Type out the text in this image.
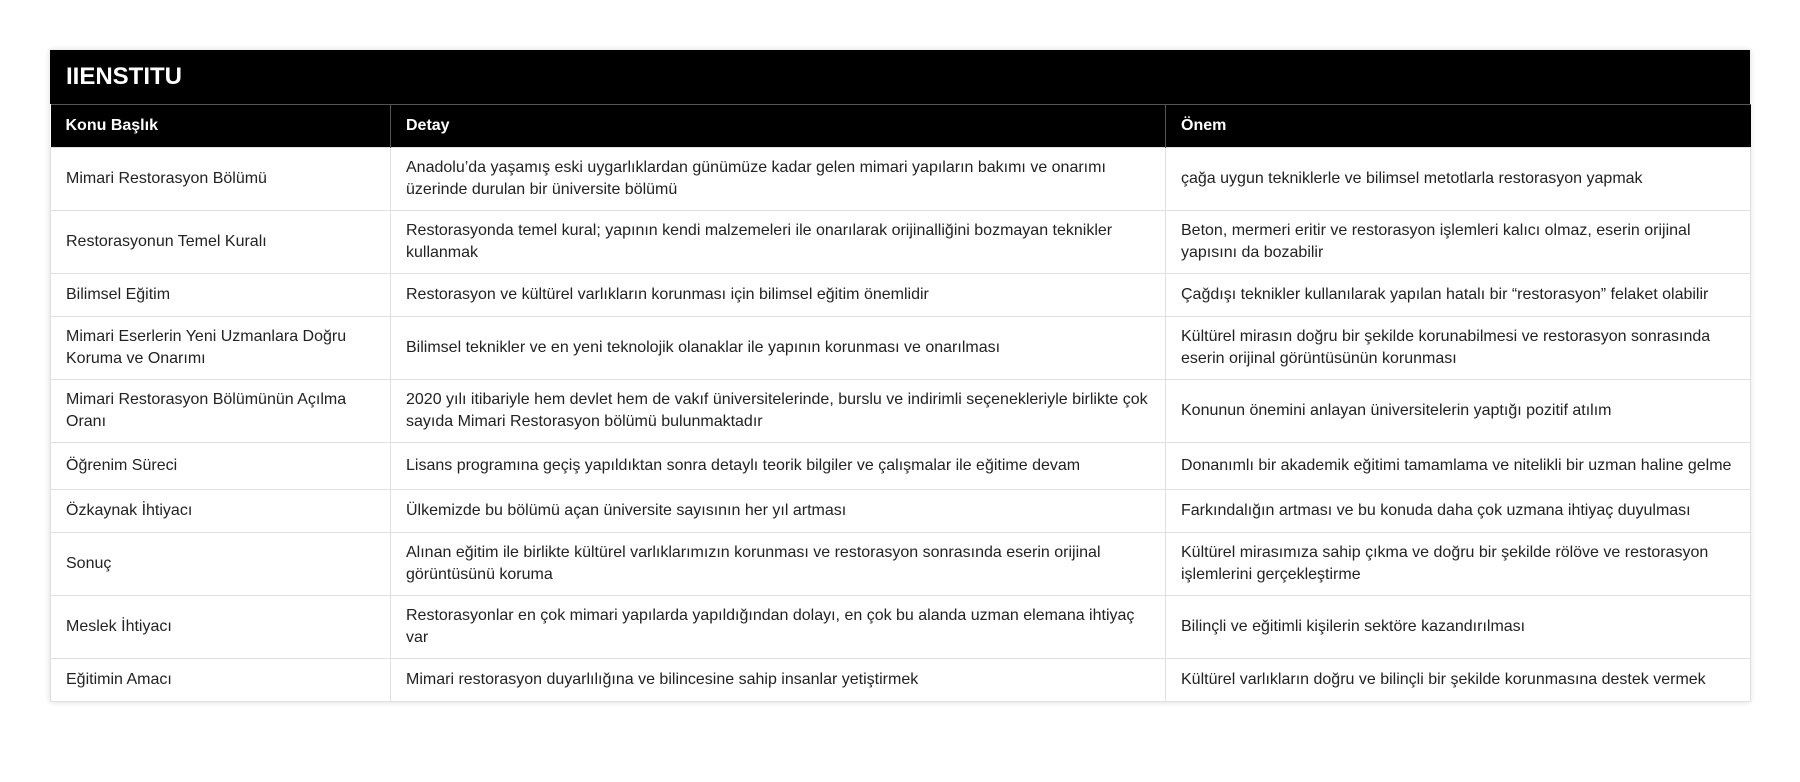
IIENSTITU
Konu Başlık	Detay	Önem
Mimari Restorasyon Bölümü	Anadolu’da yaşamış eski uygarlıklardan günümüze kadar gelen mimari yapıların bakımı ve onarımı üzerinde durulan bir üniversite bölümü	çağa uygun tekniklerle ve bilimsel metotlarla restorasyon yapmak
Restorasyonun Temel Kuralı	Restorasyonda temel kural; yapının kendi malzemeleri ile onarılarak orijinalliğini bozmayan teknikler kullanmak	Beton, mermeri eritir ve restorasyon işlemleri kalıcı olmaz, eserin orijinal yapısını da bozabilir
Bilimsel Eğitim	Restorasyon ve kültürel varlıkların korunması için bilimsel eğitim önemlidir	Çağdışı teknikler kullanılarak yapılan hatalı bir “restorasyon” felaket olabilir
Mimari Eserlerin Yeni Uzmanlara Doğru Koruma ve Onarımı	Bilimsel teknikler ve en yeni teknolojik olanaklar ile yapının korunması ve onarılması	Kültürel mirasın doğru bir şekilde korunabilmesi ve restorasyon sonrasında eserin orijinal görüntüsünün korunması
Mimari Restorasyon Bölümünün Açılma Oranı	2020 yılı itibariyle hem devlet hem de vakıf üniversitelerinde, burslu ve indirimli seçenekleriyle birlikte çok sayıda Mimari Restorasyon bölümü bulunmaktadır	Konunun önemini anlayan üniversitelerin yaptığı pozitif atılım
Öğrenim Süreci	Lisans programına geçiş yapıldıktan sonra detaylı teorik bilgiler ve çalışmalar ile eğitime devam	Donanımlı bir akademik eğitimi tamamlama ve nitelikli bir uzman haline gelme
Özkaynak İhtiyacı	Ülkemizde bu bölümü açan üniversite sayısının her yıl artması	Farkındalığın artması ve bu konuda daha çok uzmana ihtiyaç duyulması
Sonuç	Alınan eğitim ile birlikte kültürel varlıklarımızın korunması ve restorasyon sonrasında eserin orijinal görüntüsünü koruma	Kültürel mirasımıza sahip çıkma ve doğru bir şekilde rölöve ve restorasyon işlemlerini gerçekleştirme
Meslek İhtiyacı	Restorasyonlar en çok mimari yapılarda yapıldığından dolayı, en çok bu alanda uzman elemana ihtiyaç var	Bilinçli ve eğitimli kişilerin sektöre kazandırılması
Eğitimin Amacı	Mimari restorasyon duyarlılığına ve bilincesine sahip insanlar yetiştirmek	Kültürel varlıkların doğru ve bilinçli bir şekilde korunmasına destek vermek
